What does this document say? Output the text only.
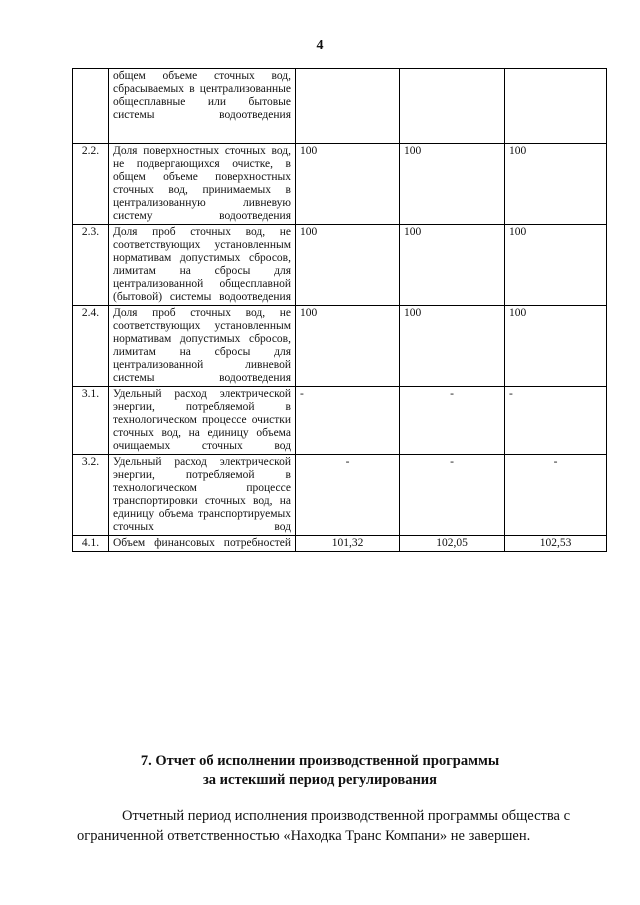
4
	общем объеме сточных вод, сбрасываемых в централизованные общесплавные или бытовые системы водоотведения			
2.2.	Доля поверхностных сточных вод, не подвергающихся очистке, в общем объеме поверхностных сточных вод, принимаемых в централизованную ливневую систему водоотведения	100	100	100
2.3.	Доля проб сточных вод, не соответствующих установленным нормативам допустимых сбросов, лимитам на сбросы для централизованной общесплавной (бытовой) системы водоотведения	100	100	100
2.4.	Доля проб сточных вод, не соответствующих установленным нормативам допустимых сбросов, лимитам на сбросы для централизованной ливневой системы водоотведения	100	100	100
3.1.	Удельный расход электрической энергии, потребляемой в технологическом процессе очистки сточных вод, на единицу объема очищаемых сточных вод	-	-	-
3.2.	Удельный расход электрической энергии, потребляемой в технологическом процессе транспортировки сточных вод, на единицу объема транспортируемых сточных вод	-	-	-
4.1.	Объем финансовых потребностей	101,32	102,05	102,53
7. Отчет об исполнении производственной программы
за истекший период регулирования
Отчетный период исполнения производственной программы общества с
ограниченной ответственностью «Находка Транс Компани» не завершен.
